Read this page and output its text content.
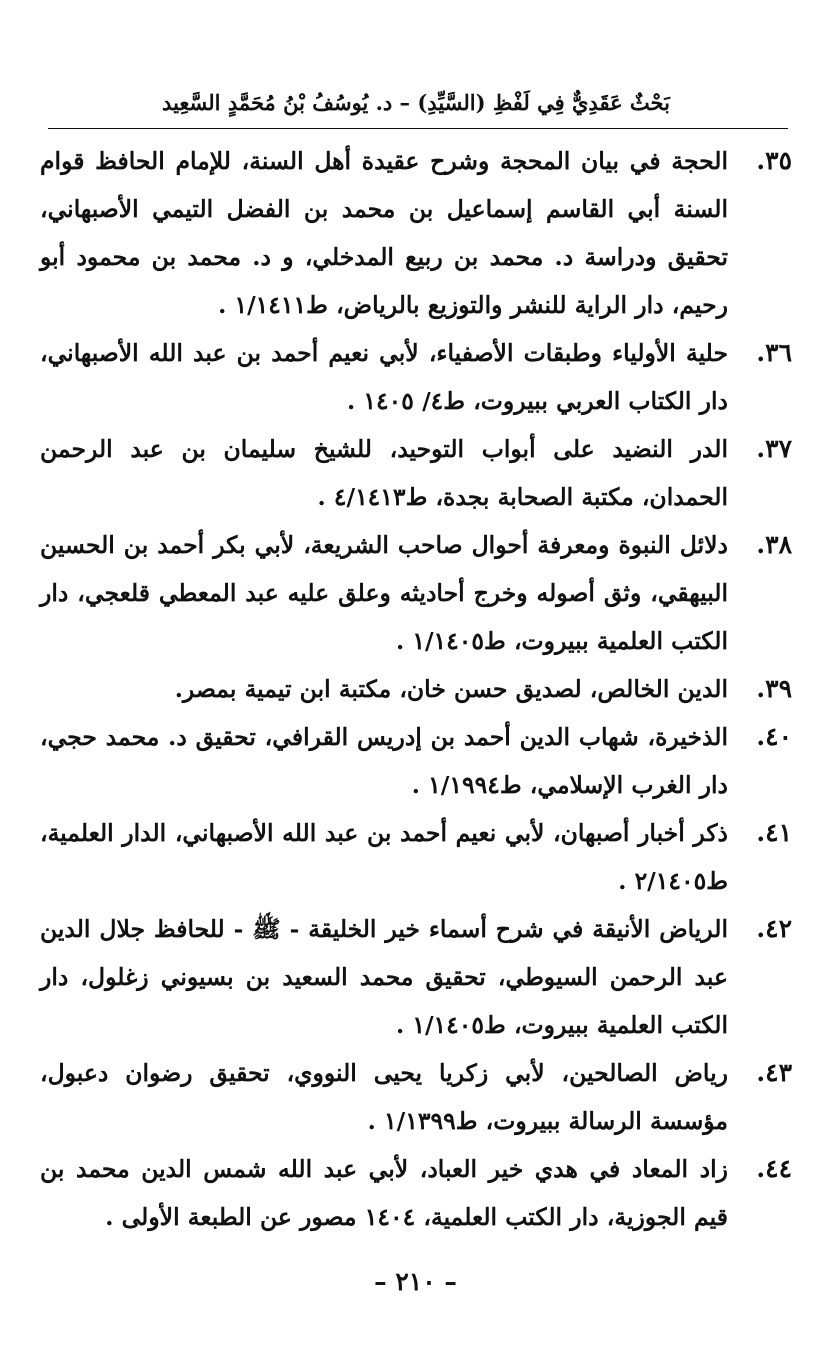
بَحْثٌ عَقَدِيٌّ فِي لَفْظِ (السَّيِّدِ) – د. يُوسُفُ بْنُ مُحَمَّدٍ السَّعِيد
٣٥.
الحجة في بيان المحجة وشرح عقيدة أهل السنة، للإمام الحافظ قوام السنة أبي القاسم إسماعيل بن محمد بن الفضل التيمي الأصبهاني، تحقيق ودراسة د. محمد بن ربيع المدخلي، و د. محمد بن محمود أبو رحيم، دار الراية للنشر والتوزيع بالرياض، ط١/١٤١١ .
٣٦.
حلية الأولياء وطبقات الأصفياء، لأبي نعيم أحمد بن عبد الله الأصبهاني، دار الكتاب العربي ببيروت، ط٤/ ١٤٠٥ .
٣٧.
الدر النضيد على أبواب التوحيد، للشيخ سليمان بن عبد الرحمن الحمدان، مكتبة الصحابة بجدة، ط٤/١٤١٣ .
٣٨.
دلائل النبوة ومعرفة أحوال صاحب الشريعة، لأبي بكر أحمد بن الحسين البيهقي، وثق أصوله وخرج أحاديثه وعلق عليه عبد المعطي قلعجي، دار الكتب العلمية ببيروت، ط١/١٤٠٥ .
٣٩.
الدين الخالص، لصديق حسن خان، مكتبة ابن تيمية بمصر.
٤٠.
الذخيرة، شهاب الدين أحمد بن إدريس القرافي، تحقيق د. محمد حجي، دار الغرب الإسلامي، ط١/١٩٩٤ .
٤١.
ذكر أخبار أصبهان، لأبي نعيم أحمد بن عبد الله الأصبهاني، الدار العلمية، ط٢/١٤٠٥ .
٤٢.
الرياض الأنيقة في شرح أسماء خير الخليقة - ﷺ - للحافظ جلال الدين عبد الرحمن السيوطي، تحقيق محمد السعيد بن بسيوني زغلول، دار الكتب العلمية ببيروت، ط١/١٤٠٥ .
٤٣.
رياض الصالحين، لأبي زكريا يحيى النووي، تحقيق رضوان دعبول، مؤسسة الرسالة ببيروت، ط١/١٣٩٩ .
٤٤.
زاد المعاد في هدي خير العباد، لأبي عبد الله شمس الدين محمد بن قيم الجوزية، دار الكتب العلمية، ١٤٠٤ مصور عن الطبعة الأولى .
– ٢١٠ –
